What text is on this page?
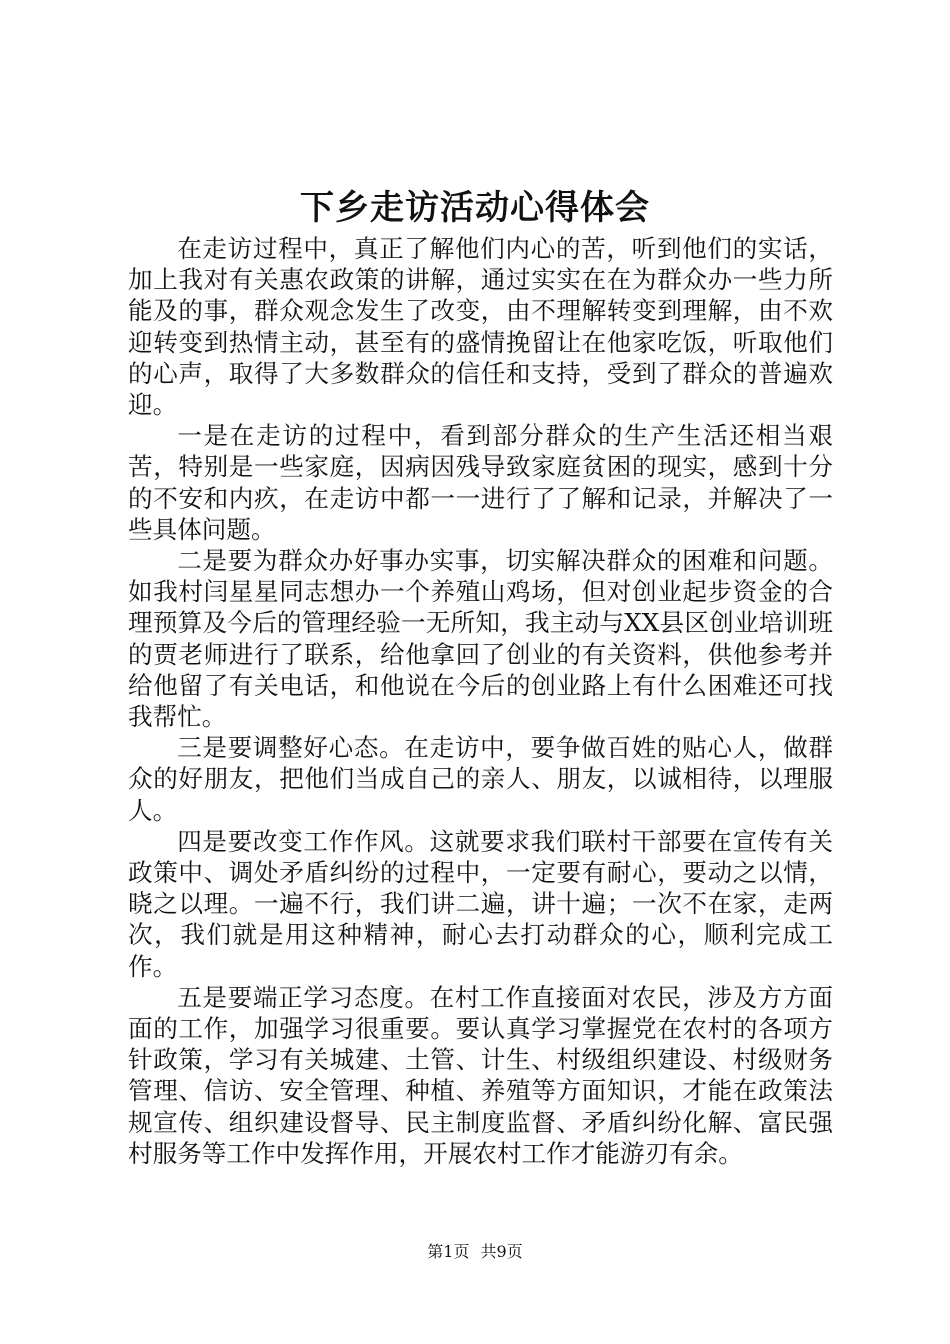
下乡走访活动心得体会

在走访过程中，真正了解他们内心的苦，听到他们的实话，加上我对有关惠农政策的讲解，通过实实在在为群众办一些力所能及的事，群众观念发生了改变，由不理解转变到理解，由不欢迎转变到热情主动，甚至有的盛情挽留让在他家吃饭，听取他们的心声，取得了大多数群众的信任和支持，受到了群众的普遍欢迎。

一是在走访的过程中，看到部分群众的生产生活还相当艰苦，特别是一些家庭，因病因残导致家庭贫困的现实，感到十分的不安和内疚，在走访中都一一进行了了解和记录，并解决了一些具体问题。

二是要为群众办好事办实事，切实解决群众的困难和问题。如我村闫星星同志想办一个养殖山鸡场，但对创业起步资金的合理预算及今后的管理经验一无所知，我主动与XX县区创业培训班的贾老师进行了联系，给他拿回了创业的有关资料，供他参考并给他留了有关电话，和他说在今后的创业路上有什么困难还可找我帮忙。

三是要调整好心态。在走访中，要争做百姓的贴心人，做群众的好朋友，把他们当成自己的亲人、朋友，以诚相待，以理服人。

四是要改变工作作风。这就要求我们联村干部要在宣传有关政策中、调处矛盾纠纷的过程中，一定要有耐心，要动之以情，晓之以理。一遍不行，我们讲二遍，讲十遍；一次不在家，走两次，我们就是用这种精神，耐心去打动群众的心，顺利完成工作。

五是要端正学习态度。在村工作直接面对农民，涉及方方面面的工作，加强学习很重要。要认真学习掌握党在农村的各项方针政策，学习有关城建、土管、计生、村级组织建设、村级财务管理、信访、安全管理、种植、养殖等方面知识，才能在政策法规宣传、组织建设督导、民主制度监督、矛盾纠纷化解、富民强村服务等工作中发挥作用，开展农村工作才能游刃有余。

第1页 共9页
